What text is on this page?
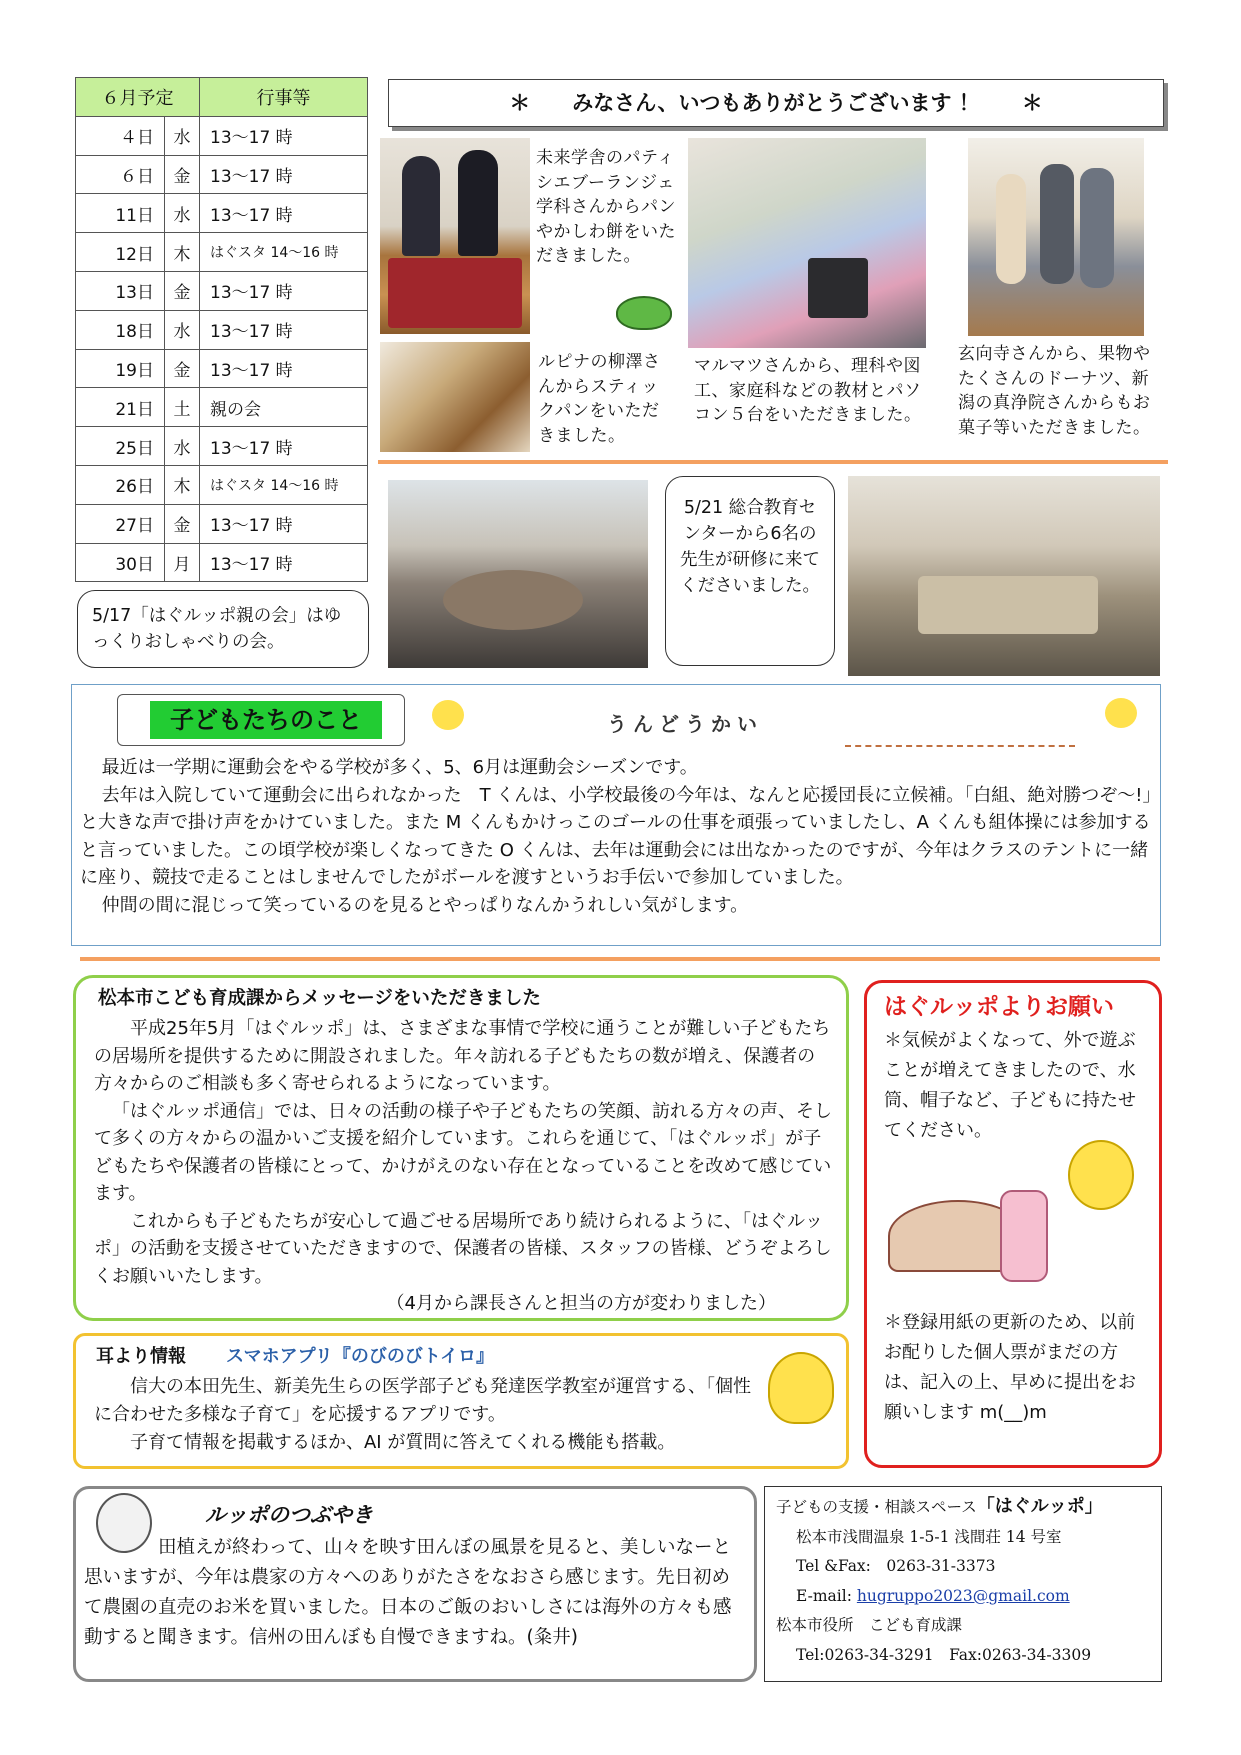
６月予定		行事等
４日	水	13～17 時
６日	金	13～17 時
11日	水	13～17 時
12日	木	はぐスタ 14～16 時
13日	金	13～17 時
18日	水	13～17 時
19日	金	13～17 時
21日	土	親の会
25日	水	13～17 時
26日	木	はぐスタ 14～16 時
27日	金	13～17 時
30日	月	13～17 時
＊　　みなさん、いつもありがとうございます ！　　＊
未来学舎のパティシエブーランジェ学科さんからパンやかしわ餅をいただきました。
ルピナの柳澤さんからスティックパンをいただきました。
マルマツさんから、理科や図工、家庭科などの教材とパソコン５台をいただきました。
玄向寺さんから、果物やたくさんのドーナツ、新潟の真浄院さんからもお菓子等いただきました。
5/17「はぐルッポ親の会」はゆっくりおしゃべりの会。
5/21 総合教育センターから6名の先生が研修に来てくださいました。
子どもたちのこと	うんどうかい
最近は一学期に運動会をやる学校が多く、5、6月は運動会シーズンです。
去年は入院していて運動会に出られなかった　T くんは、小学校最後の今年は、なんと応援団長に立候補。「白組、絶対勝つぞ～!」と大きな声で掛け声をかけていました。また M くんもかけっこのゴールの仕事を頑張っていましたし、A くんも組体操には参加すると言っていました。この頃学校が楽しくなってきた O くんは、去年は運動会には出なかったのですが、今年はクラスのテントに一緒に座り、競技で走ることはしませんでしたがボールを渡すというお手伝いで参加していました。
仲間の間に混じって笑っているのを見るとやっぱりなんかうれしい気がします。
松本市こども育成課からメッセージをいただきました
平成25年5月「はぐルッポ」は、さまざまな事情で学校に通うことが難しい子どもたちの居場所を提供するために開設されました。年々訪れる子どもたちの数が増え、保護者の方々からのご相談も多く寄せられるようになっています。
「はぐルッポ通信」では、日々の活動の様子や子どもたちの笑顔、訪れる方々の声、そして多くの方々からの温かいご支援を紹介しています。これらを通じて、「はぐルッポ」が子どもたちや保護者の皆様にとって、かけがえのない存在となっていることを改めて感じています。
これからも子どもたちが安心して過ごせる居場所であり続けられるように、「はぐルッポ」の活動を支援させていただきますので、保護者の皆様、スタッフの皆様、どうぞよろしくお願いいたします。
（4月から課長さんと担当の方が変わりました）
耳より情報 スマホアプリ『のびのびトイロ』
信大の本田先生、新美先生らの医学部子ども発達医学教室が運営する、「個性に合わせた多様な子育て」を応援するアプリです。
子育て情報を掲載するほか、AI が質問に答えてくれる機能も搭載。
はぐルッポよりお願い
＊気候がよくなって、外で遊ぶことが増えてきましたので、水筒、帽子など、子どもに持たせてください。
＊登録用紙の更新のため、以前お配りした個人票がまだの方は、記入の上、早めに提出をお願いします m(__)m
ルッポのつぶやき
田植えが終わって、山々を映す田んぼの風景を見ると、美しいなーと思いますが、今年は農家の方々へのありがたさをなおさら感じます。先日初めて農園の直売のお米を買いました。日本のご飯のおいしさには海外の方々も感動すると聞きます。信州の田んぼも自慢できますね。(粂井)
子どもの支援・相談スペース「はぐルッポ」
松本市浅間温泉 1-5-1 浅間荘 14 号室
Tel &Fax:　0263-31-3373
E-mail: hugruppo2023@gmail.com
松本市役所　こども育成課
Tel:0263-34-3291　Fax:0263-34-3309
